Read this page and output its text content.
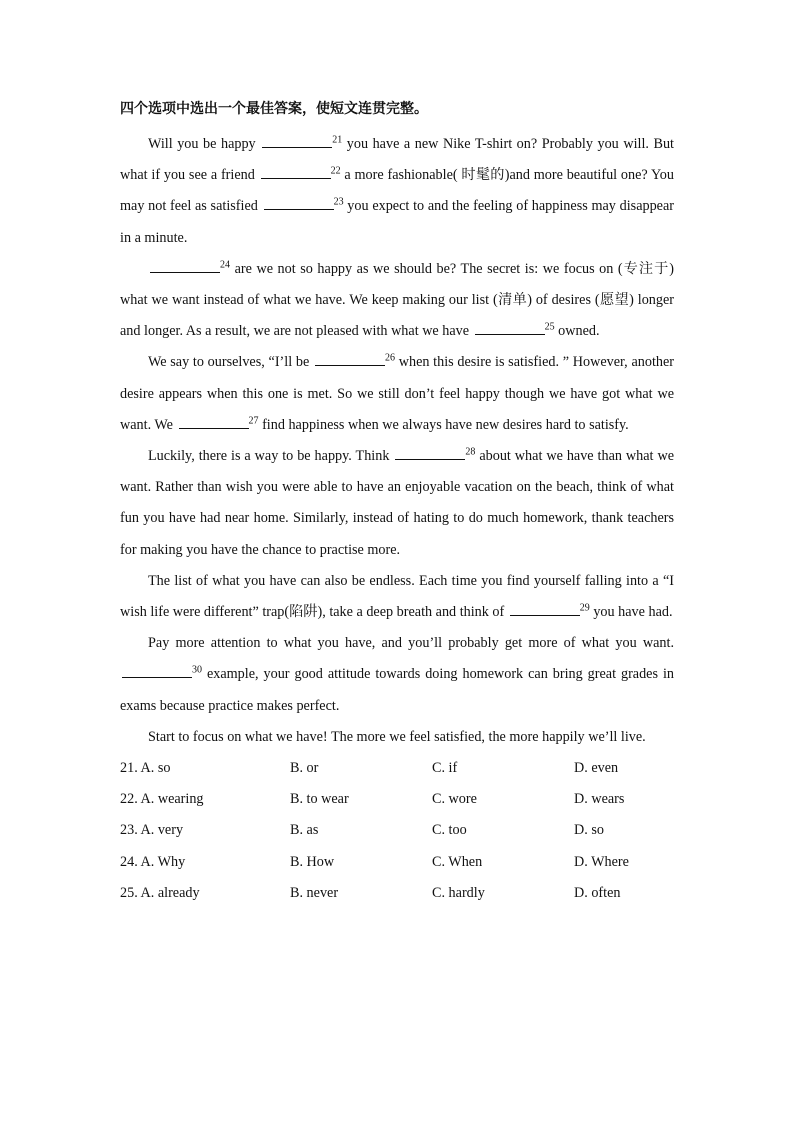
四个选项中选出一个最佳答案，使短文连贯完整。

Will you be happy	$^{21}$ you have a new Nike T-shirt on? Probably you will. But what if you see a friend	$^{22}$ a more fashionable( 时髦的)and more beautiful one? You may not feel as satisfied	$^{23}$ you expect to and the feeling of happiness may disappear in a minute.

$^{24}$ are we not so happy as we should be? The secret is: we focus on (专注于) what we want instead of what we have. We keep making our list (清单) of desires (愿望) longer and longer. As a result, we are not pleased with what we have	$^{25}$ owned.

We say to ourselves, “I’ll be	$^{26}$ when this desire is satisfied. ” However, another desire appears when this one is met. So we still don’t feel happy though we have got what we want. We	$^{27}$ find happiness when we always have new desires hard to satisfy.

Luckily, there is a way to be happy. Think	$^{28}$ about what we have than what we want. Rather than wish you were able to have an enjoyable vacation on the beach, think of what fun you have had near home. Similarly, instead of hating to do much homework, thank teachers for making you have the chance to practise more.

The list of what you have can also be endless. Each time you find yourself falling into a “I wish life were different” trap(陷阱), take a deep breath and think of	$^{29}$ you have had.

Pay more attention to what you have, and you’ll probably get more of what you want. $^{30}$ example, your good attitude towards doing homework can bring great grades in exams because practice makes perfect.

Start to focus on what we have! The more we feel satisfied, the more happily we’ll live.

21. A. so	B. or	C. if	D. even
22. A. wearing	B. to wear	C. wore	D. wears
23. A. very	B. as	C. too	D. so
24. A. Why	B. How	C. When	D. Where
25. A. already	B. never	C. hardly	D. often
